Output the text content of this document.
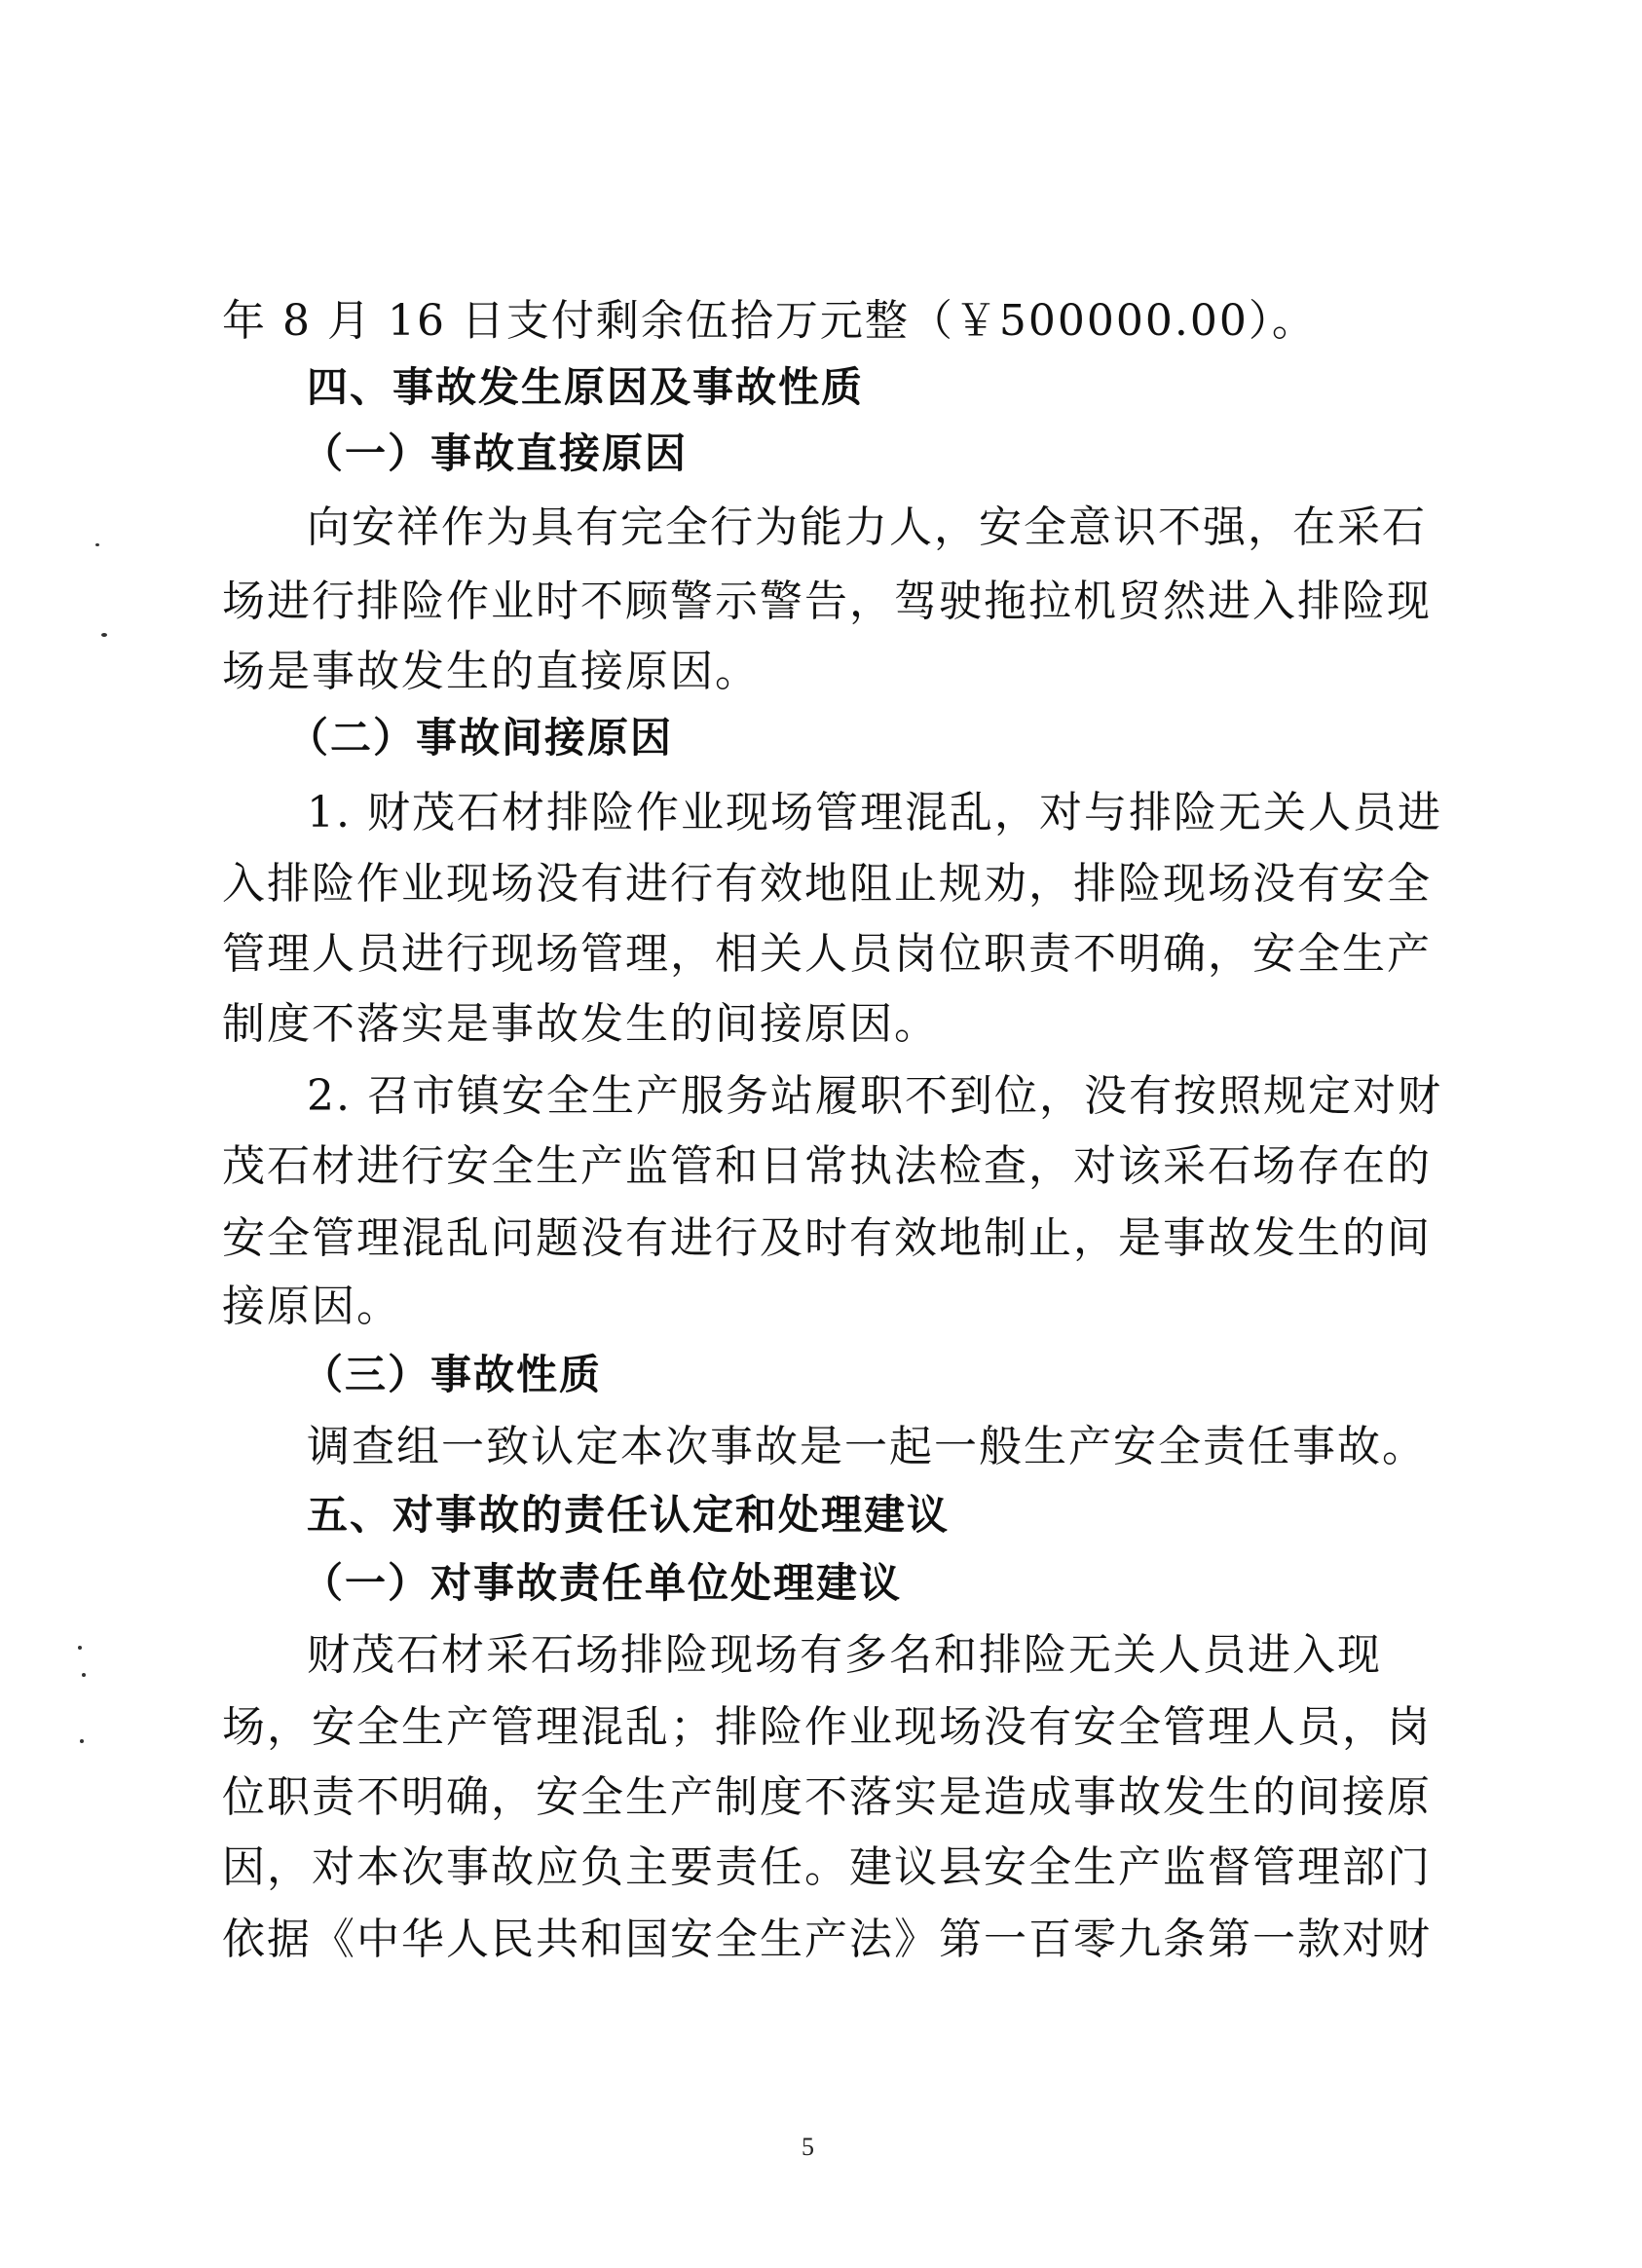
年 8 月 16 日支付剩余伍拾万元整（￥500000.00）。
四、事故发生原因及事故性质
（一）事故直接原因
向安祥作为具有完全行为能力人，安全意识不强，在采石
场进行排险作业时不顾警示警告，驾驶拖拉机贸然进入排险现
场是事故发生的直接原因。
（二）事故间接原因
1. 财茂石材排险作业现场管理混乱，对与排险无关人员进
入排险作业现场没有进行有效地阻止规劝，排险现场没有安全
管理人员进行现场管理，相关人员岗位职责不明确，安全生产
制度不落实是事故发生的间接原因。
2. 召市镇安全生产服务站履职不到位，没有按照规定对财
茂石材进行安全生产监管和日常执法检查，对该采石场存在的
安全管理混乱问题没有进行及时有效地制止，是事故发生的间
接原因。
（三）事故性质
调查组一致认定本次事故是一起一般生产安全责任事故。
五、对事故的责任认定和处理建议
（一）对事故责任单位处理建议
财茂石材采石场排险现场有多名和排险无关人员进入现
场，安全生产管理混乱；排险作业现场没有安全管理人员，岗
位职责不明确，安全生产制度不落实是造成事故发生的间接原
因，对本次事故应负主要责任。建议县安全生产监督管理部门
依据《中华人民共和国安全生产法》第一百零九条第一款对财
5
